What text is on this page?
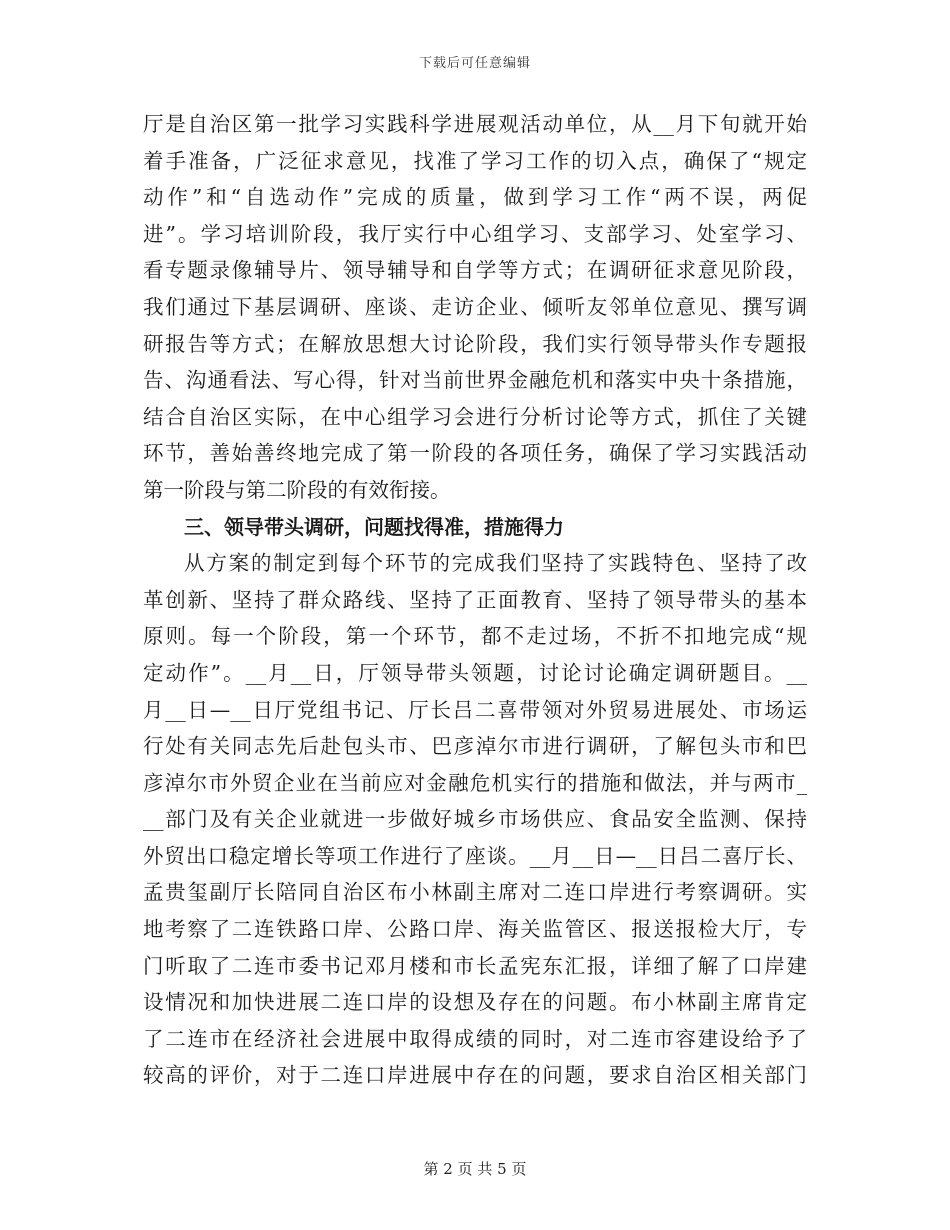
下载后可任意编辑
厅是自治区第一批学习实践科学进展观活动单位，从__月下旬就开始
着手准备，广泛征求意见，找准了学习工作的切入点，确保了“规定
动作”和“自选动作”完成的质量，做到学习工作“两不误，两促
进”。学习培训阶段，我厅实行中心组学习、支部学习、处室学习、
看专题录像辅导片、领导辅导和自学等方式；在调研征求意见阶段，
我们通过下基层调研、座谈、走访企业、倾听友邻单位意见、撰写调
研报告等方式；在解放思想大讨论阶段，我们实行领导带头作专题报
告、沟通看法、写心得，针对当前世界金融危机和落实中央十条措施，
结合自治区实际，在中心组学习会进行分析讨论等方式，抓住了关键
环节，善始善终地完成了第一阶段的各项任务，确保了学习实践活动
第一阶段与第二阶段的有效衔接。
三、领导带头调研，问题找得准，措施得力
从方案的制定到每个环节的完成我们坚持了实践特色、坚持了改
革创新、坚持了群众路线、坚持了正面教育、坚持了领导带头的基本
原则。每一个阶段，第一个环节，都不走过场，不折不扣地完成“规
定动作”。__月__日，厅领导带头领题，讨论讨论确定调研题目。__
月__日—__日厅党组书记、厅长吕二喜带领对外贸易进展处、市场运
行处有关同志先后赴包头市、巴彦淖尔市进行调研，了解包头市和巴
彦淖尔市外贸企业在当前应对金融危机实行的措施和做法，并与两市_
__部门及有关企业就进一步做好城乡市场供应、食品安全监测、保持
外贸出口稳定增长等项工作进行了座谈。__月__日—__日吕二喜厅长、
孟贵玺副厅长陪同自治区布小林副主席对二连口岸进行考察调研。实
地考察了二连铁路口岸、公路口岸、海关监管区、报送报检大厅，专
门听取了二连市委书记邓月楼和市长孟宪东汇报，详细了解了口岸建
设情况和加快进展二连口岸的设想及存在的问题。布小林副主席肯定
了二连市在经济社会进展中取得成绩的同时，对二连市容建设给予了
较高的评价，对于二连口岸进展中存在的问题，要求自治区相关部门
第 2 页 共 5 页
